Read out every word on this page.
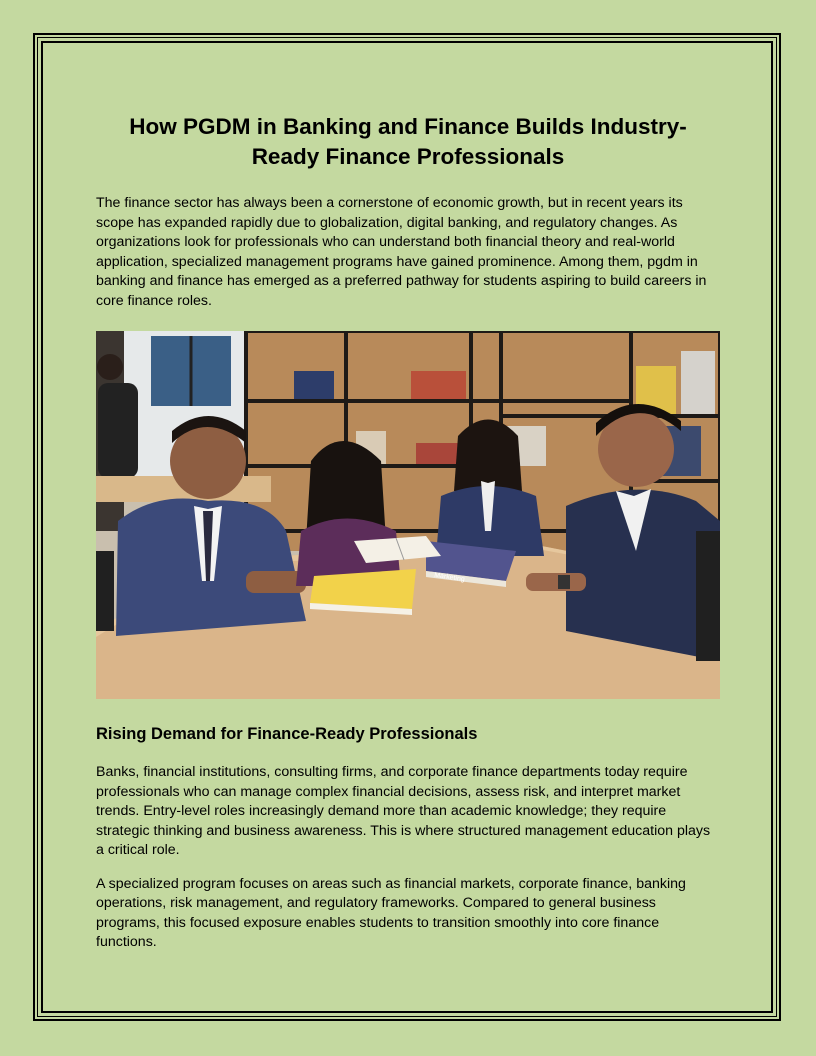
How PGDM in Banking and Finance Builds Industry-Ready Finance Professionals

The finance sector has always been a cornerstone of economic growth, but in recent years its scope has expanded rapidly due to globalization, digital banking, and regulatory changes. As organizations look for professionals who can understand both financial theory and real-world application, specialized management programs have gained prominence. Among them, pgdm in banking and finance has emerged as a preferred pathway for students aspiring to build careers in core finance roles.

Marketing
Rising Demand for Finance-Ready Professionals

Banks, financial institutions, consulting firms, and corporate finance departments today require professionals who can manage complex financial decisions, assess risk, and interpret market trends. Entry-level roles increasingly demand more than academic knowledge; they require strategic thinking and business awareness. This is where structured management education plays a critical role.

A specialized program focuses on areas such as financial markets, corporate finance, banking operations, risk management, and regulatory frameworks. Compared to general business programs, this focused exposure enables students to transition smoothly into core finance functions.
